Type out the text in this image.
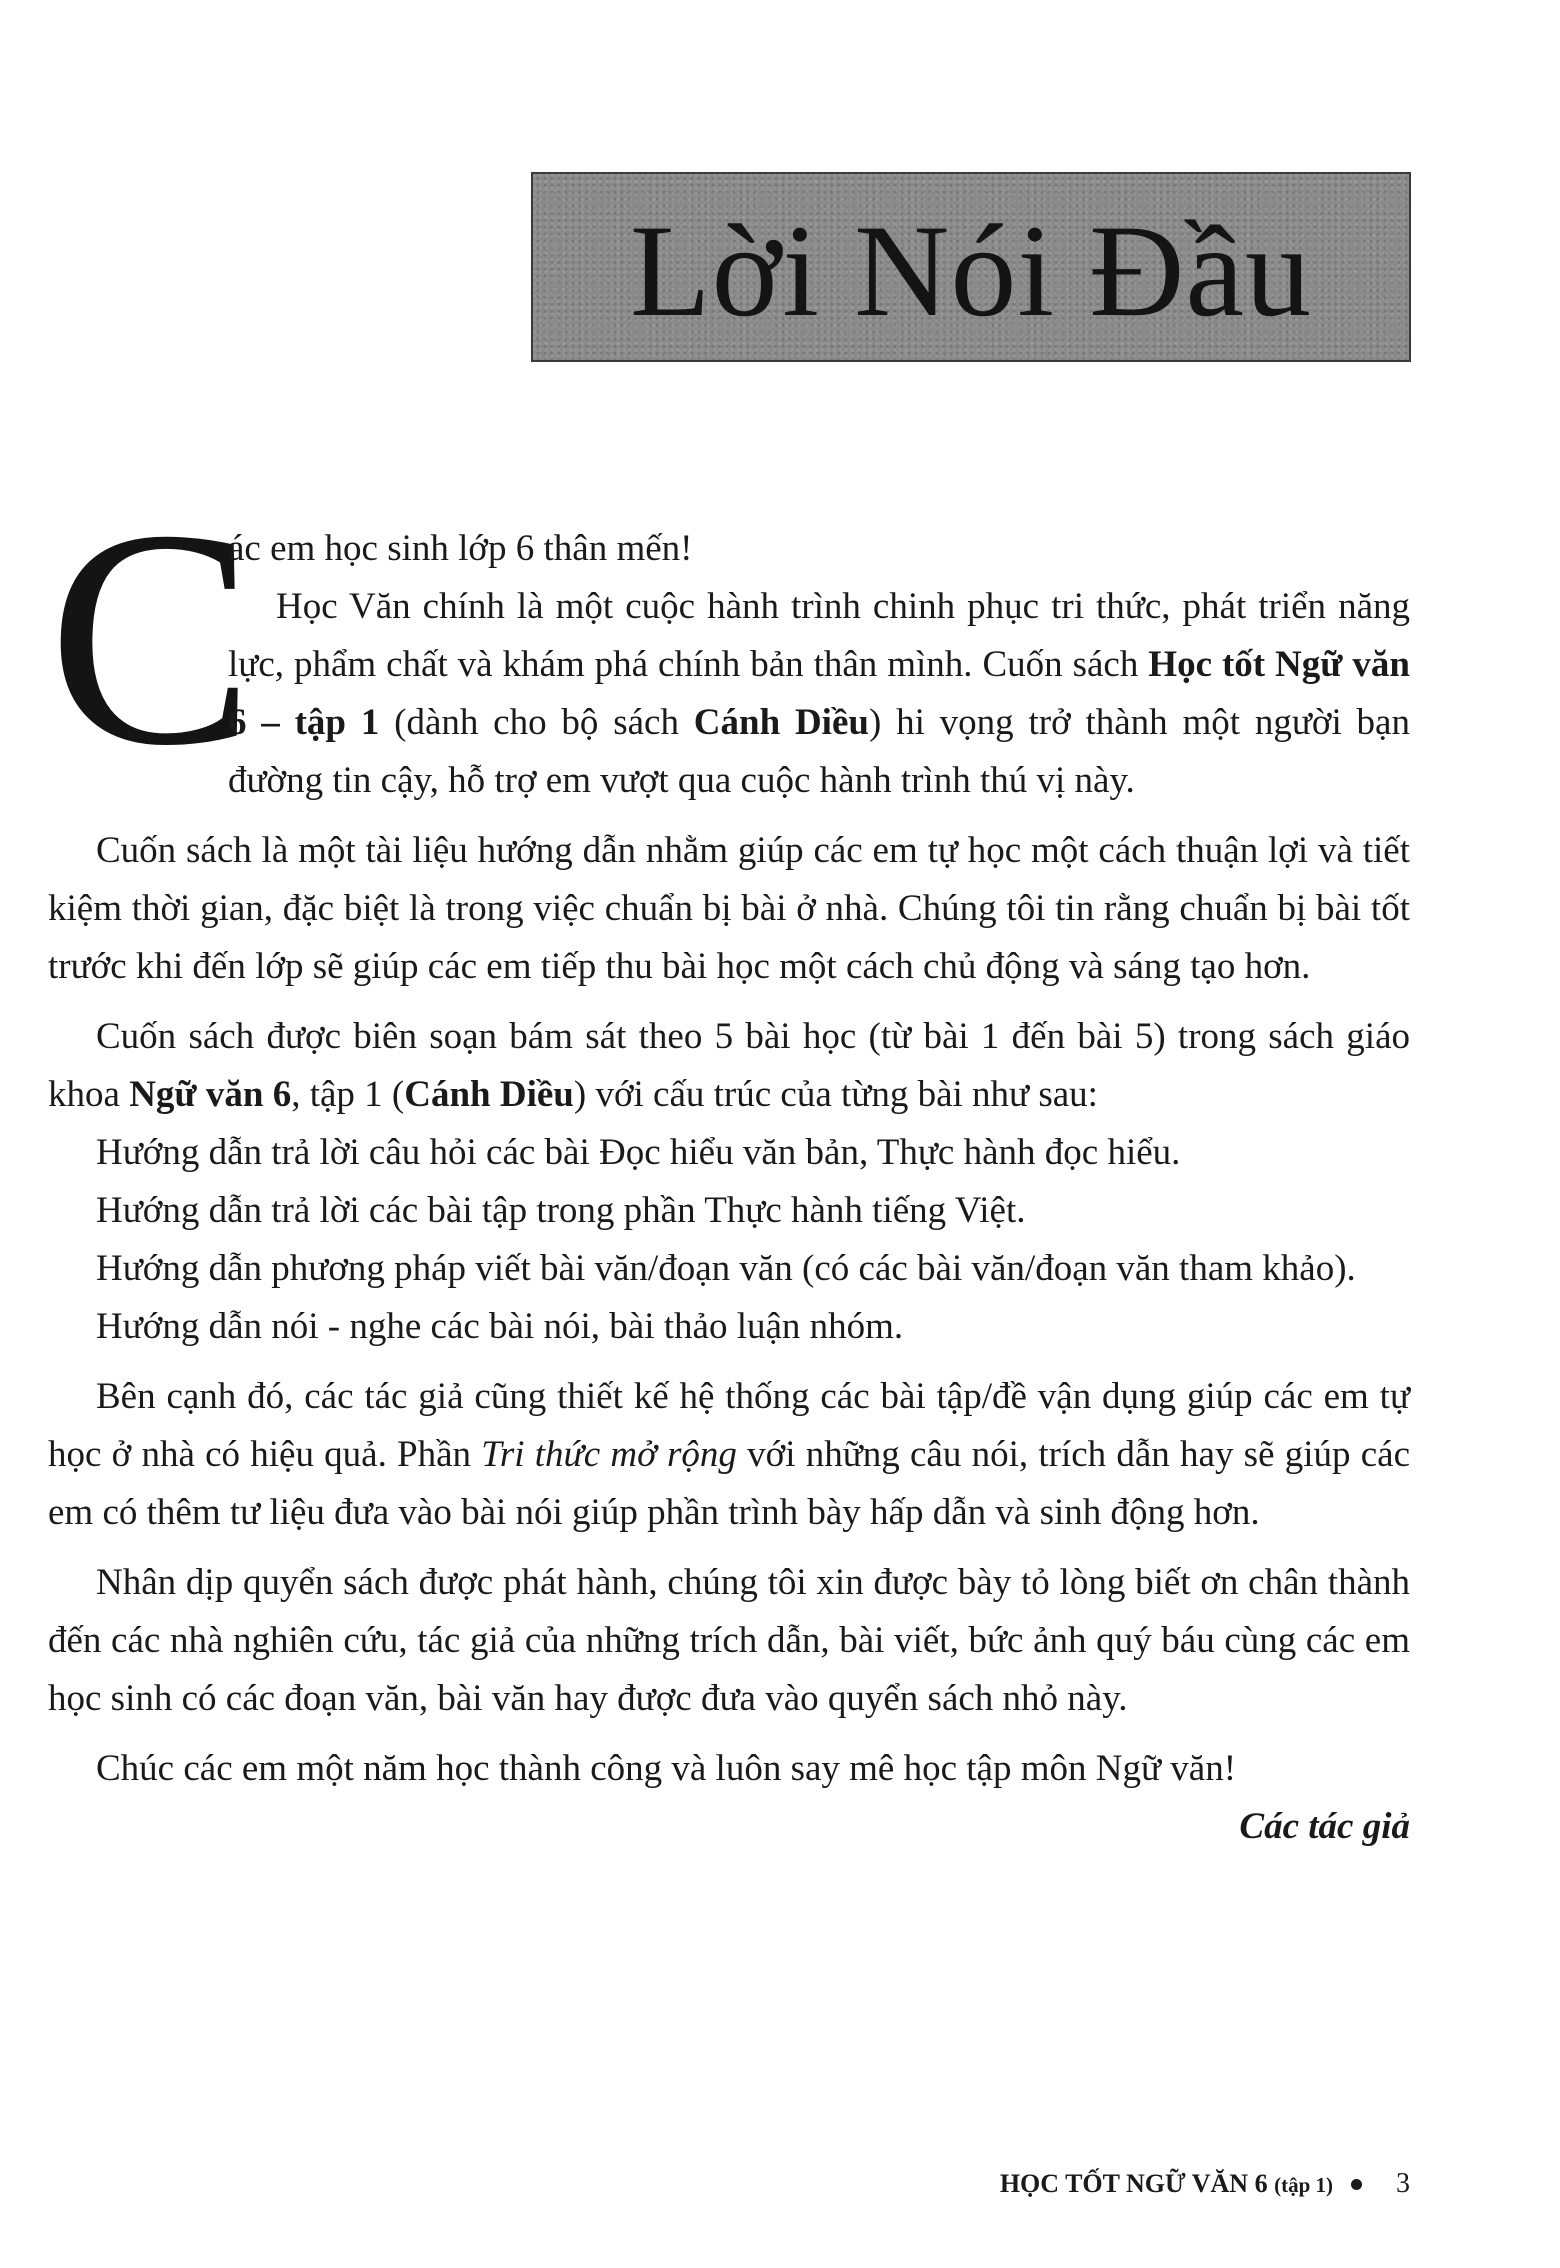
Lời Nói Đầu
C
ác em học sinh lớp 6 thân mến!
Học Văn chính là một cuộc hành trình chinh phục tri thức, phát triển năng lực, phẩm chất và khám phá chính bản thân mình. Cuốn sách Học tốt Ngữ văn 6 – tập 1 (dành cho bộ sách Cánh Diều) hi vọng trở thành một người bạn đường tin cậy, hỗ trợ em vượt qua cuộc hành trình thú vị này.

Cuốn sách là một tài liệu hướng dẫn nhằm giúp các em tự học một cách thuận lợi và tiết kiệm thời gian, đặc biệt là trong việc chuẩn bị bài ở nhà. Chúng tôi tin rằng chuẩn bị bài tốt trước khi đến lớp sẽ giúp các em tiếp thu bài học một cách chủ động và sáng tạo hơn.

Cuốn sách được biên soạn bám sát theo 5 bài học (từ bài 1 đến bài 5) trong sách giáo khoa Ngữ văn 6, tập 1 (Cánh Diều) với cấu trúc của từng bài như sau:

Hướng dẫn trả lời câu hỏi các bài Đọc hiểu văn bản, Thực hành đọc hiểu.

Hướng dẫn trả lời các bài tập trong phần Thực hành tiếng Việt.

Hướng dẫn phương pháp viết bài văn/đoạn văn (có các bài văn/đoạn văn tham khảo).

Hướng dẫn nói - nghe các bài nói, bài thảo luận nhóm.

Bên cạnh đó, các tác giả cũng thiết kế hệ thống các bài tập/đề vận dụng giúp các em tự học ở nhà có hiệu quả. Phần Tri thức mở rộng với những câu nói, trích dẫn hay sẽ giúp các em có thêm tư liệu đưa vào bài nói giúp phần trình bày hấp dẫn và sinh động hơn.

Nhân dịp quyển sách được phát hành, chúng tôi xin được bày tỏ lòng biết ơn chân thành đến các nhà nghiên cứu, tác giả của những trích dẫn, bài viết, bức ảnh quý báu cùng các em học sinh có các đoạn văn, bài văn hay được đưa vào quyển sách nhỏ này.

Chúc các em một năm học thành công và luôn say mê học tập môn Ngữ văn!

Các tác giả

HỌC TỐT NGỮ VĂN 6 (tập 1) 3
